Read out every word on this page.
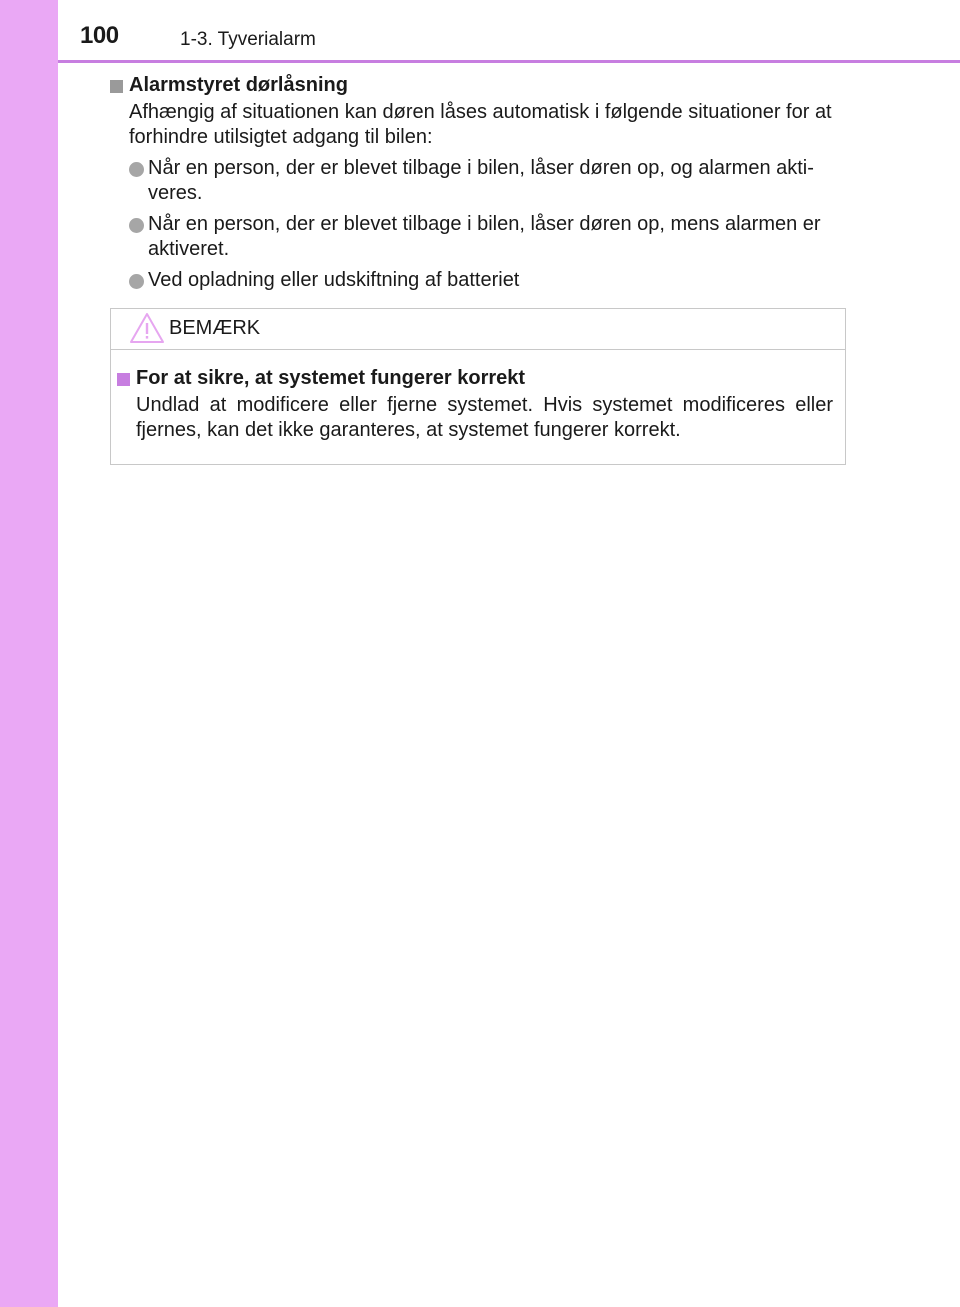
100	1-3. Tyverialarm
Alarmstyret dørlåsning
Afhængig af situationen kan døren låses automatisk i følgende situationer for at forhindre utilsigtet adgang til bilen:
Når en person, der er blevet tilbage i bilen, låser døren op, og alarmen akti-veres.
Når en person, der er blevet tilbage i bilen, låser døren op, mens alarmen er aktiveret.
Ved opladning eller udskiftning af batteriet
BEMÆRK
For at sikre, at systemet fungerer korrekt
Undlad at modificere eller fjerne systemet. Hvis systemet modificeres eller fjernes, kan det ikke garanteres, at systemet fungerer korrekt.
